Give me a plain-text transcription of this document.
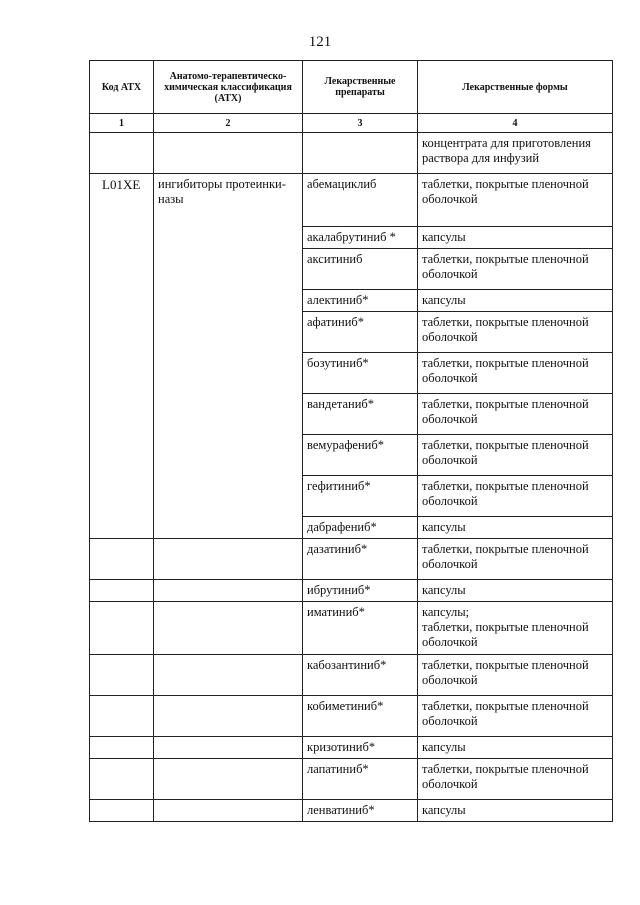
121
Код АТХ	Анатомо-терапевтическо-химическая классификация (АТХ)	Лекарственные препараты	Лекарственные формы
1	2	3	4
			концентрата для приготовления раствора для инфузий
L01XE	ингибиторы протеинки-назы	абемациклиб	таблетки, покрытые пленочной оболочкой
		акалабрутиниб *	капсулы
		акситиниб	таблетки, покрытые пленочной оболочкой
		алектиниб*	капсулы
		афатиниб*	таблетки, покрытые пленочной оболочкой
		бозутиниб*	таблетки, покрытые пленочной оболочкой
		вандетаниб*	таблетки, покрытые пленочной оболочкой
		вемурафениб*	таблетки, покрытые пленочной оболочкой
		гефитиниб*	таблетки, покрытые пленочной оболочкой
		дабрафениб*	капсулы
		дазатиниб*	таблетки, покрытые пленочной оболочкой
		ибрутиниб*	капсулы
		иматиниб*	капсулы;
таблетки, покрытые пленочной оболочкой
		кабозантиниб*	таблетки, покрытые пленочной оболочкой
		кобиметиниб*	таблетки, покрытые пленочной оболочкой
		кризотиниб*	капсулы
		лапатиниб*	таблетки, покрытые пленочной оболочкой
		ленватиниб*	капсулы
